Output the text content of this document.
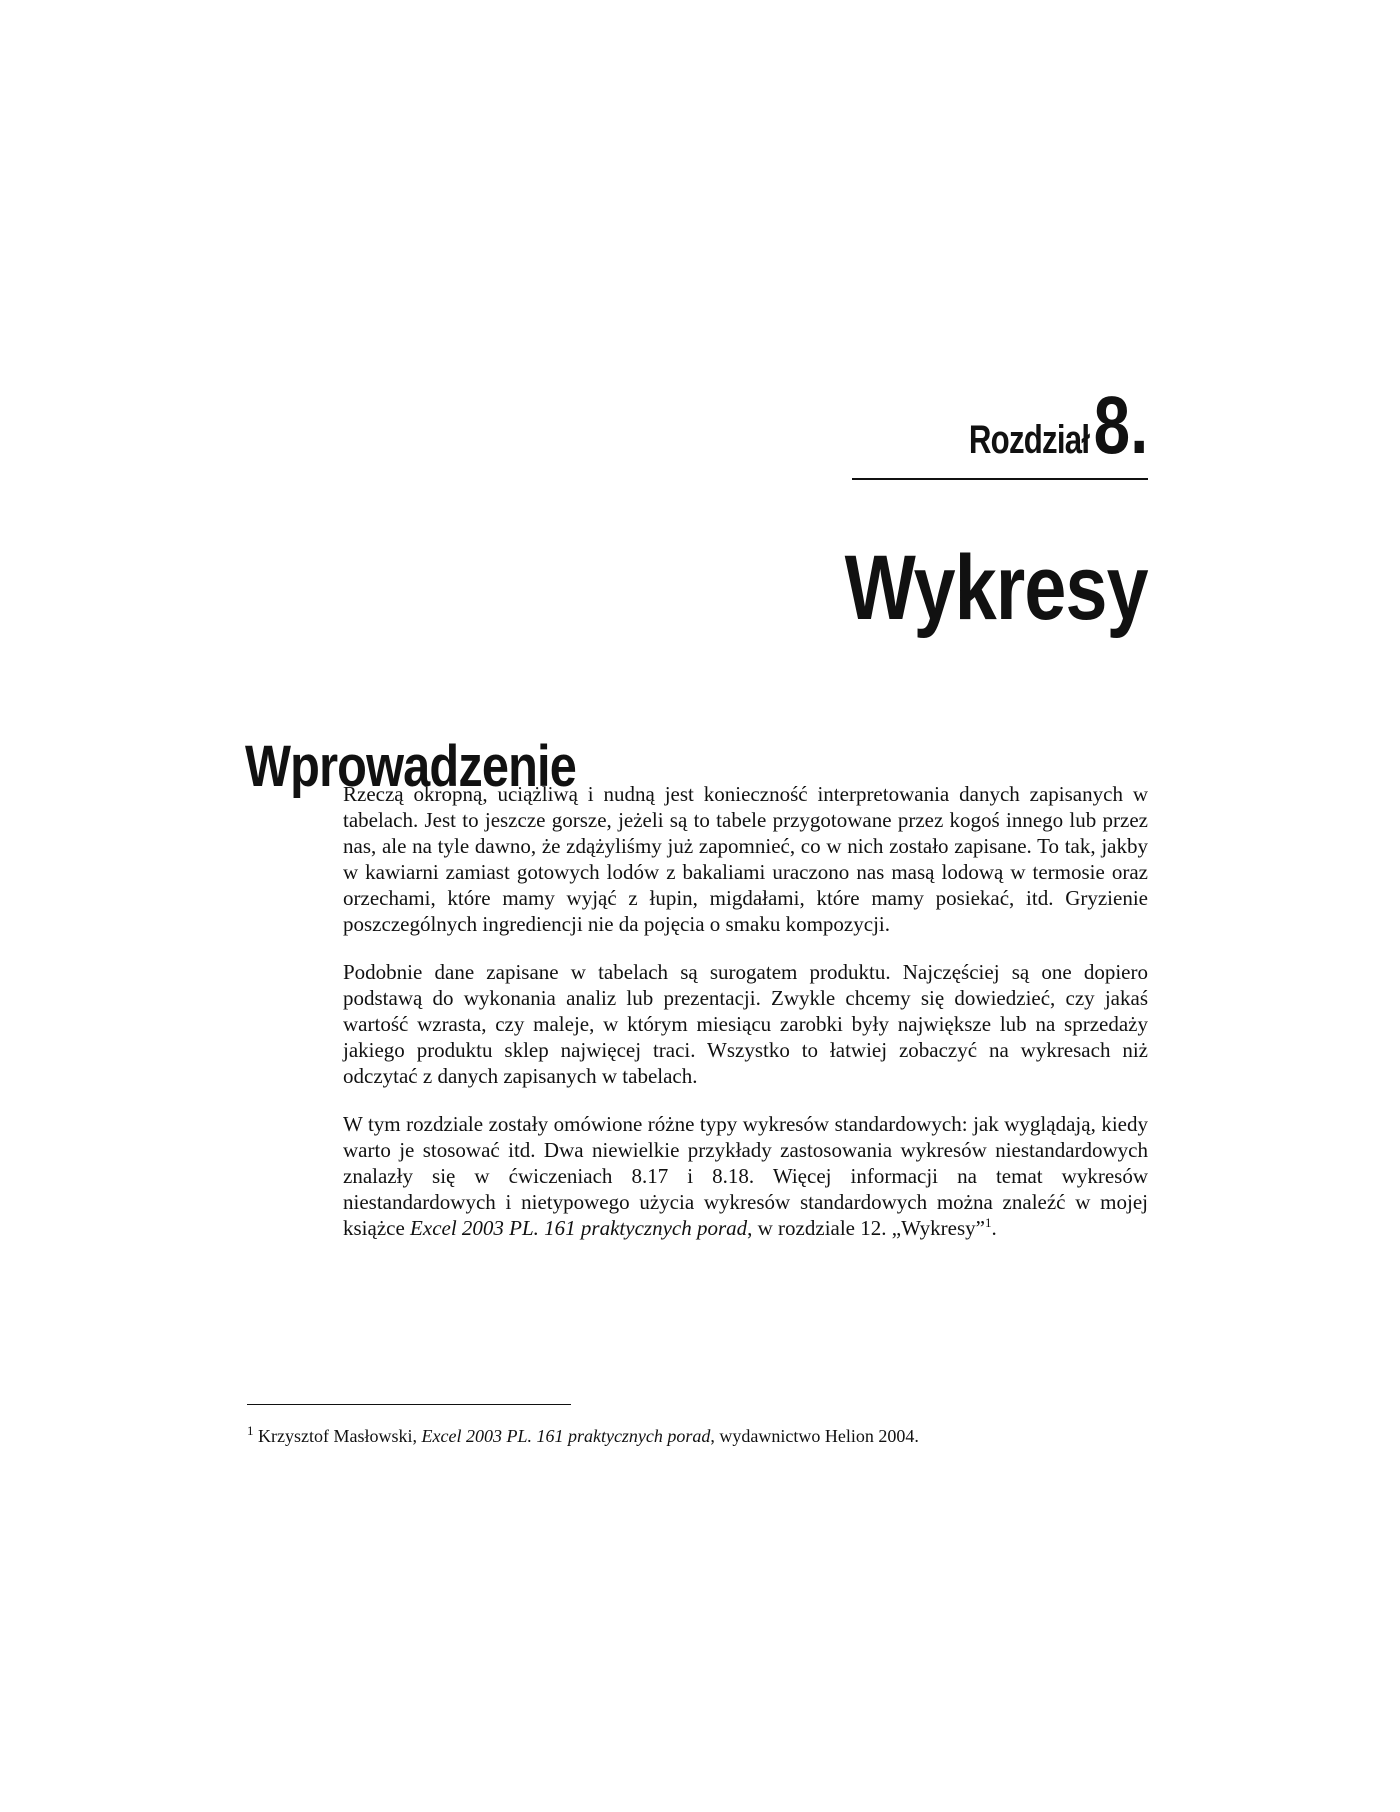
Rozdział 8.
Wykresy
Wprowadzenie

Rzeczą okropną, uciążliwą i nudną jest konieczność interpretowania danych zapisanych w tabelach. Jest to jeszcze gorsze, jeżeli są to tabele przygotowane przez kogoś innego lub przez nas, ale na tyle dawno, że zdążyliśmy już zapomnieć, co w nich zostało zapisane. To tak, jakby w kawiarni zamiast gotowych lodów z bakaliami uraczono nas masą lodową w termosie oraz orzechami, które mamy wyjąć z łupin, migdałami, które mamy posiekać, itd. Gryzienie poszczególnych ingrediencji nie da pojęcia o smaku kompozycji.

Podobnie dane zapisane w tabelach są surogatem produktu. Najczęściej są one dopiero podstawą do wykonania analiz lub prezentacji. Zwykle chcemy się dowiedzieć, czy jakaś wartość wzrasta, czy maleje, w którym miesiącu zarobki były największe lub na sprzedaży jakiego produktu sklep najwięcej traci. Wszystko to łatwiej zobaczyć na wykresach niż odczytać z danych zapisanych w tabelach.

W tym rozdziale zostały omówione różne typy wykresów standardowych: jak wyglądają, kiedy warto je stosować itd. Dwa niewielkie przykłady zastosowania wykresów niestandardowych znalazły się w ćwiczeniach 8.17 i 8.18. Więcej informacji na temat wykresów niestandardowych i nietypowego użycia wykresów standardowych można znaleźć w mojej książce Excel 2003 PL. 161 praktycznych porad, w rozdziale 12. „Wykresy”$^1$.

$^1$ Krzysztof Masłowski, Excel 2003 PL. 161 praktycznych porad, wydawnictwo Helion 2004.
